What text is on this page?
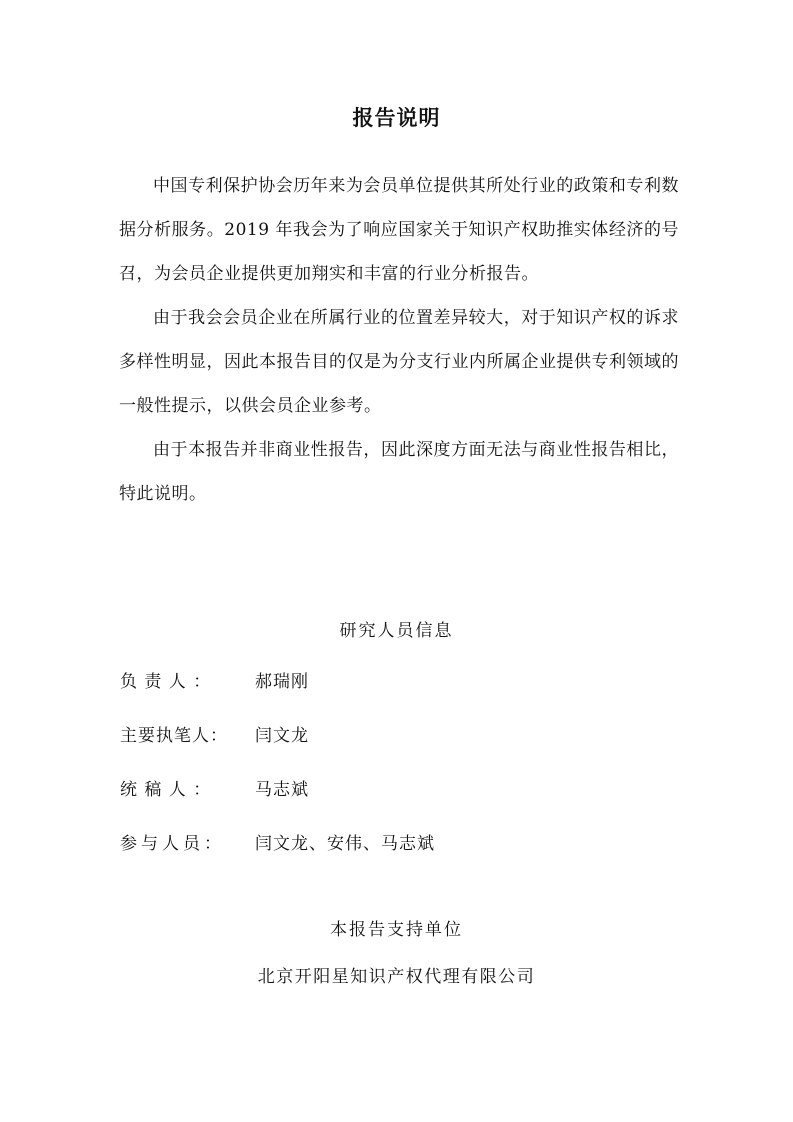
报告说明

中国专利保护协会历年来为会员单位提供其所处行业的政策和专利数据分析服务。2019 年我会为了响应国家关于知识产权助推实体经济的号召，为会员企业提供更加翔实和丰富的行业分析报告。

由于我会会员企业在所属行业的位置差异较大，对于知识产权的诉求多样性明显，因此本报告目的仅是为分支行业内所属企业提供专利领域的一般性提示，以供会员企业参考。

由于本报告并非商业性报告，因此深度方面无法与商业性报告相比，特此说明。

研究人员信息
负 责 人 ：	郝瑞刚
主要执笔人：	闫文龙
统 稿 人 ：	马志斌
参与人员：	闫文龙、安伟、马志斌
本报告支持单位
北京开阳星知识产权代理有限公司
